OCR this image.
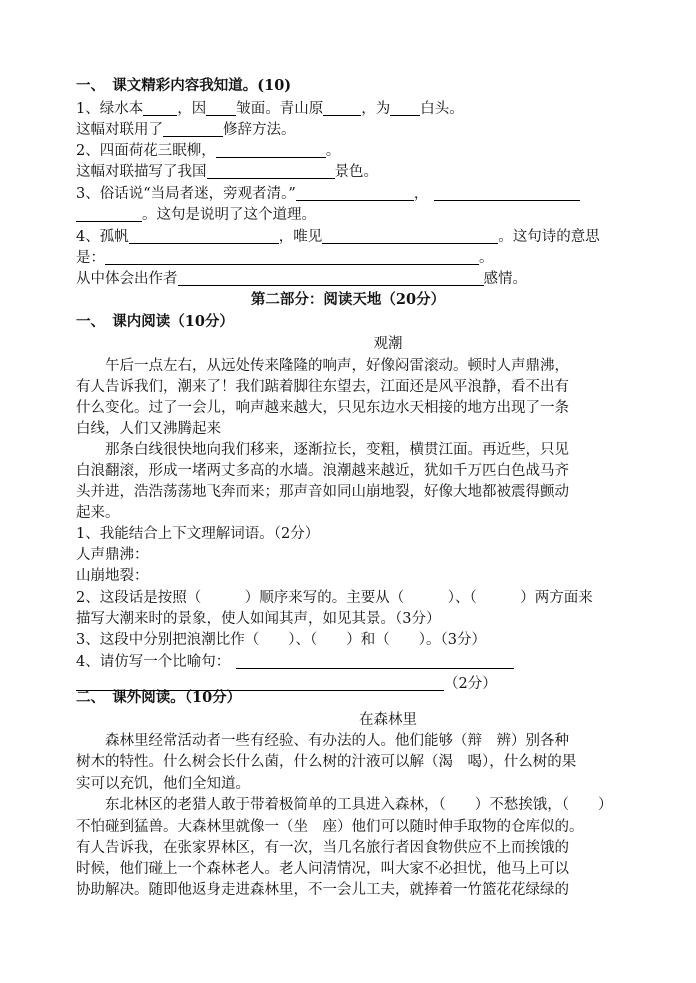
一、　课文精彩内容我知道。(10)
1、绿水本 ，因 皱面。青山原	，为 白头。
这幅对联用了	修辞方法。
2、四面荷花三眠柳，	。
这幅对联描写了我国	景色。
3、俗话说“当局者迷，旁观者清。”	，
。这句是说明了这个道理。
4、孤帆	，唯见	。这句诗的意思
是：	。
从中体会出作者	感情。
第二部分：阅读天地（20分）
一、　课内阅读（10分）
观潮
　　午后一点左右，从远处传来隆隆的响声，好像闷雷滚动。顿时人声鼎沸，
有人告诉我们，潮来了！我们踮着脚往东望去，江面还是风平浪静，看不出有
什么变化。过了一会儿，响声越来越大，只见东边水天相接的地方出现了一条
白线，人们又沸腾起来
　　那条白线很快地向我们移来，逐渐拉长，变粗，横贯江面。再近些，只见
白浪翻滚，形成一堵两丈多高的水墙。浪潮越来越近，犹如千万匹白色战马齐
头并进，浩浩荡荡地飞奔而来；那声音如同山崩地裂，好像大地都被震得颤动
起来。
1、我能结合上下文理解词语。（2分）
人声鼎沸：
山崩地裂：
2、这段话是按照（　　　）顺序来写的。主要从（　　　）、（　　　）两方面来
描写大潮来时的景象，使人如闻其声，如见其景。（3分）
3、这段中分别把浪潮比作（　　）、（　　）和（　　）。（3分）
4、请仿写一个比喻句：
（2分）
二、　课外阅读。（10分）
在森林里
　　森林里经常活动者一些有经验、有办法的人。他们能够（辩　辨）别各种
树木的特性。什么树会长什么菌，什么树的汁液可以解（渴　喝），什么树的果
实可以充饥，他们全知道。
　　东北林区的老猎人敢于带着极简单的工具进入森林，（　　）不愁挨饿，（　　）
不怕碰到猛兽。大森林里就像一（坐　座）他们可以随时伸手取物的仓库似的。
有人告诉我，在张家界林区，有一次，当几名旅行者因食物供应不上而挨饿的
时候，他们碰上一个森林老人。老人问清情况，叫大家不必担忧，他马上可以
协助解决。随即他返身走进森林里，不一会儿工夫，就捧着一竹篮花花绿绿的
